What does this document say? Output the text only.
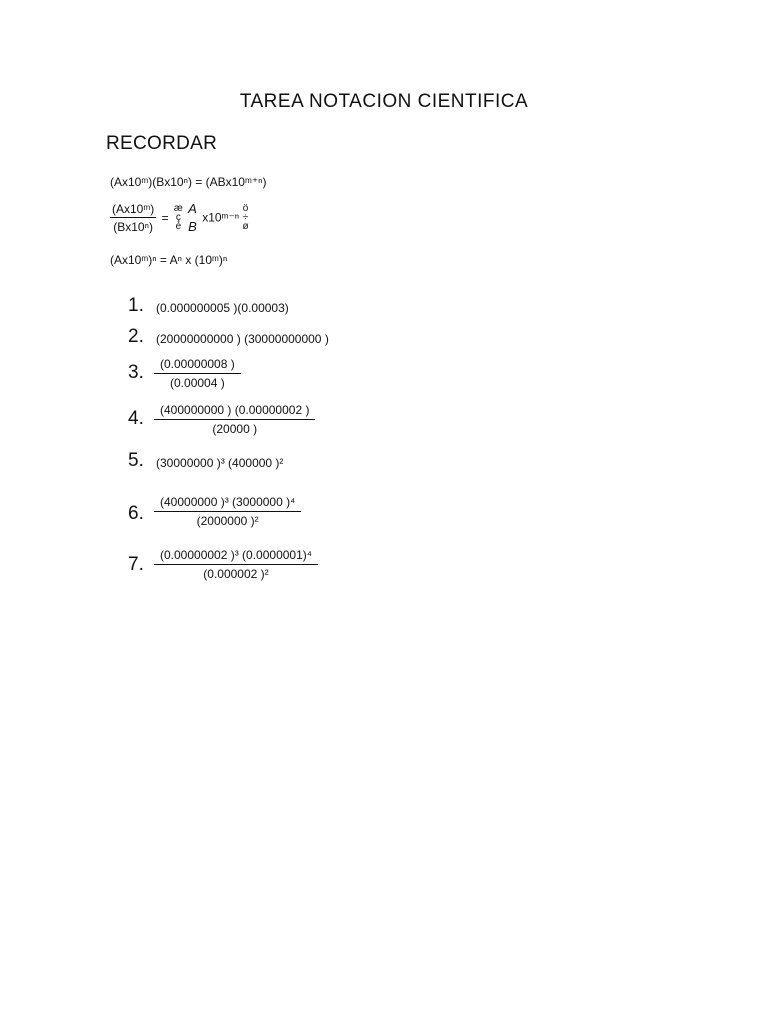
TAREA NOTACION CIENTIFICA
RECORDAR
(Ax10ᵐ)(Bx10ⁿ) = (ABx10ᵐ⁺ⁿ)
$\frac{\text{(Ax10ᵐ)}}{\text{(Bx10ⁿ)}}$ = æ
ç
è
A
B
x10ᵐ⁻ⁿ ö
÷
ø
(Ax10ᵐ)ⁿ = Aⁿ x (10ᵐ)ⁿ
1.	(0.000000005 )(0.00003)
2.	(20000000000 ) (30000000000 )
3. $\frac{(0.00000008 )}{(0.00004 )}$
4. $\frac{(400000000 ) (0.00000002 )}{(20000 )}$
5.	(30000000 )³ (400000 )²
6. $\frac{\text{(40000000 )³ (3000000 )⁴}}{\text{(2000000 )²}}$
7. $\frac{\text{(0.00000002 )³ (0.0000001)⁴}}{\text{(0.000002 )²}}$
